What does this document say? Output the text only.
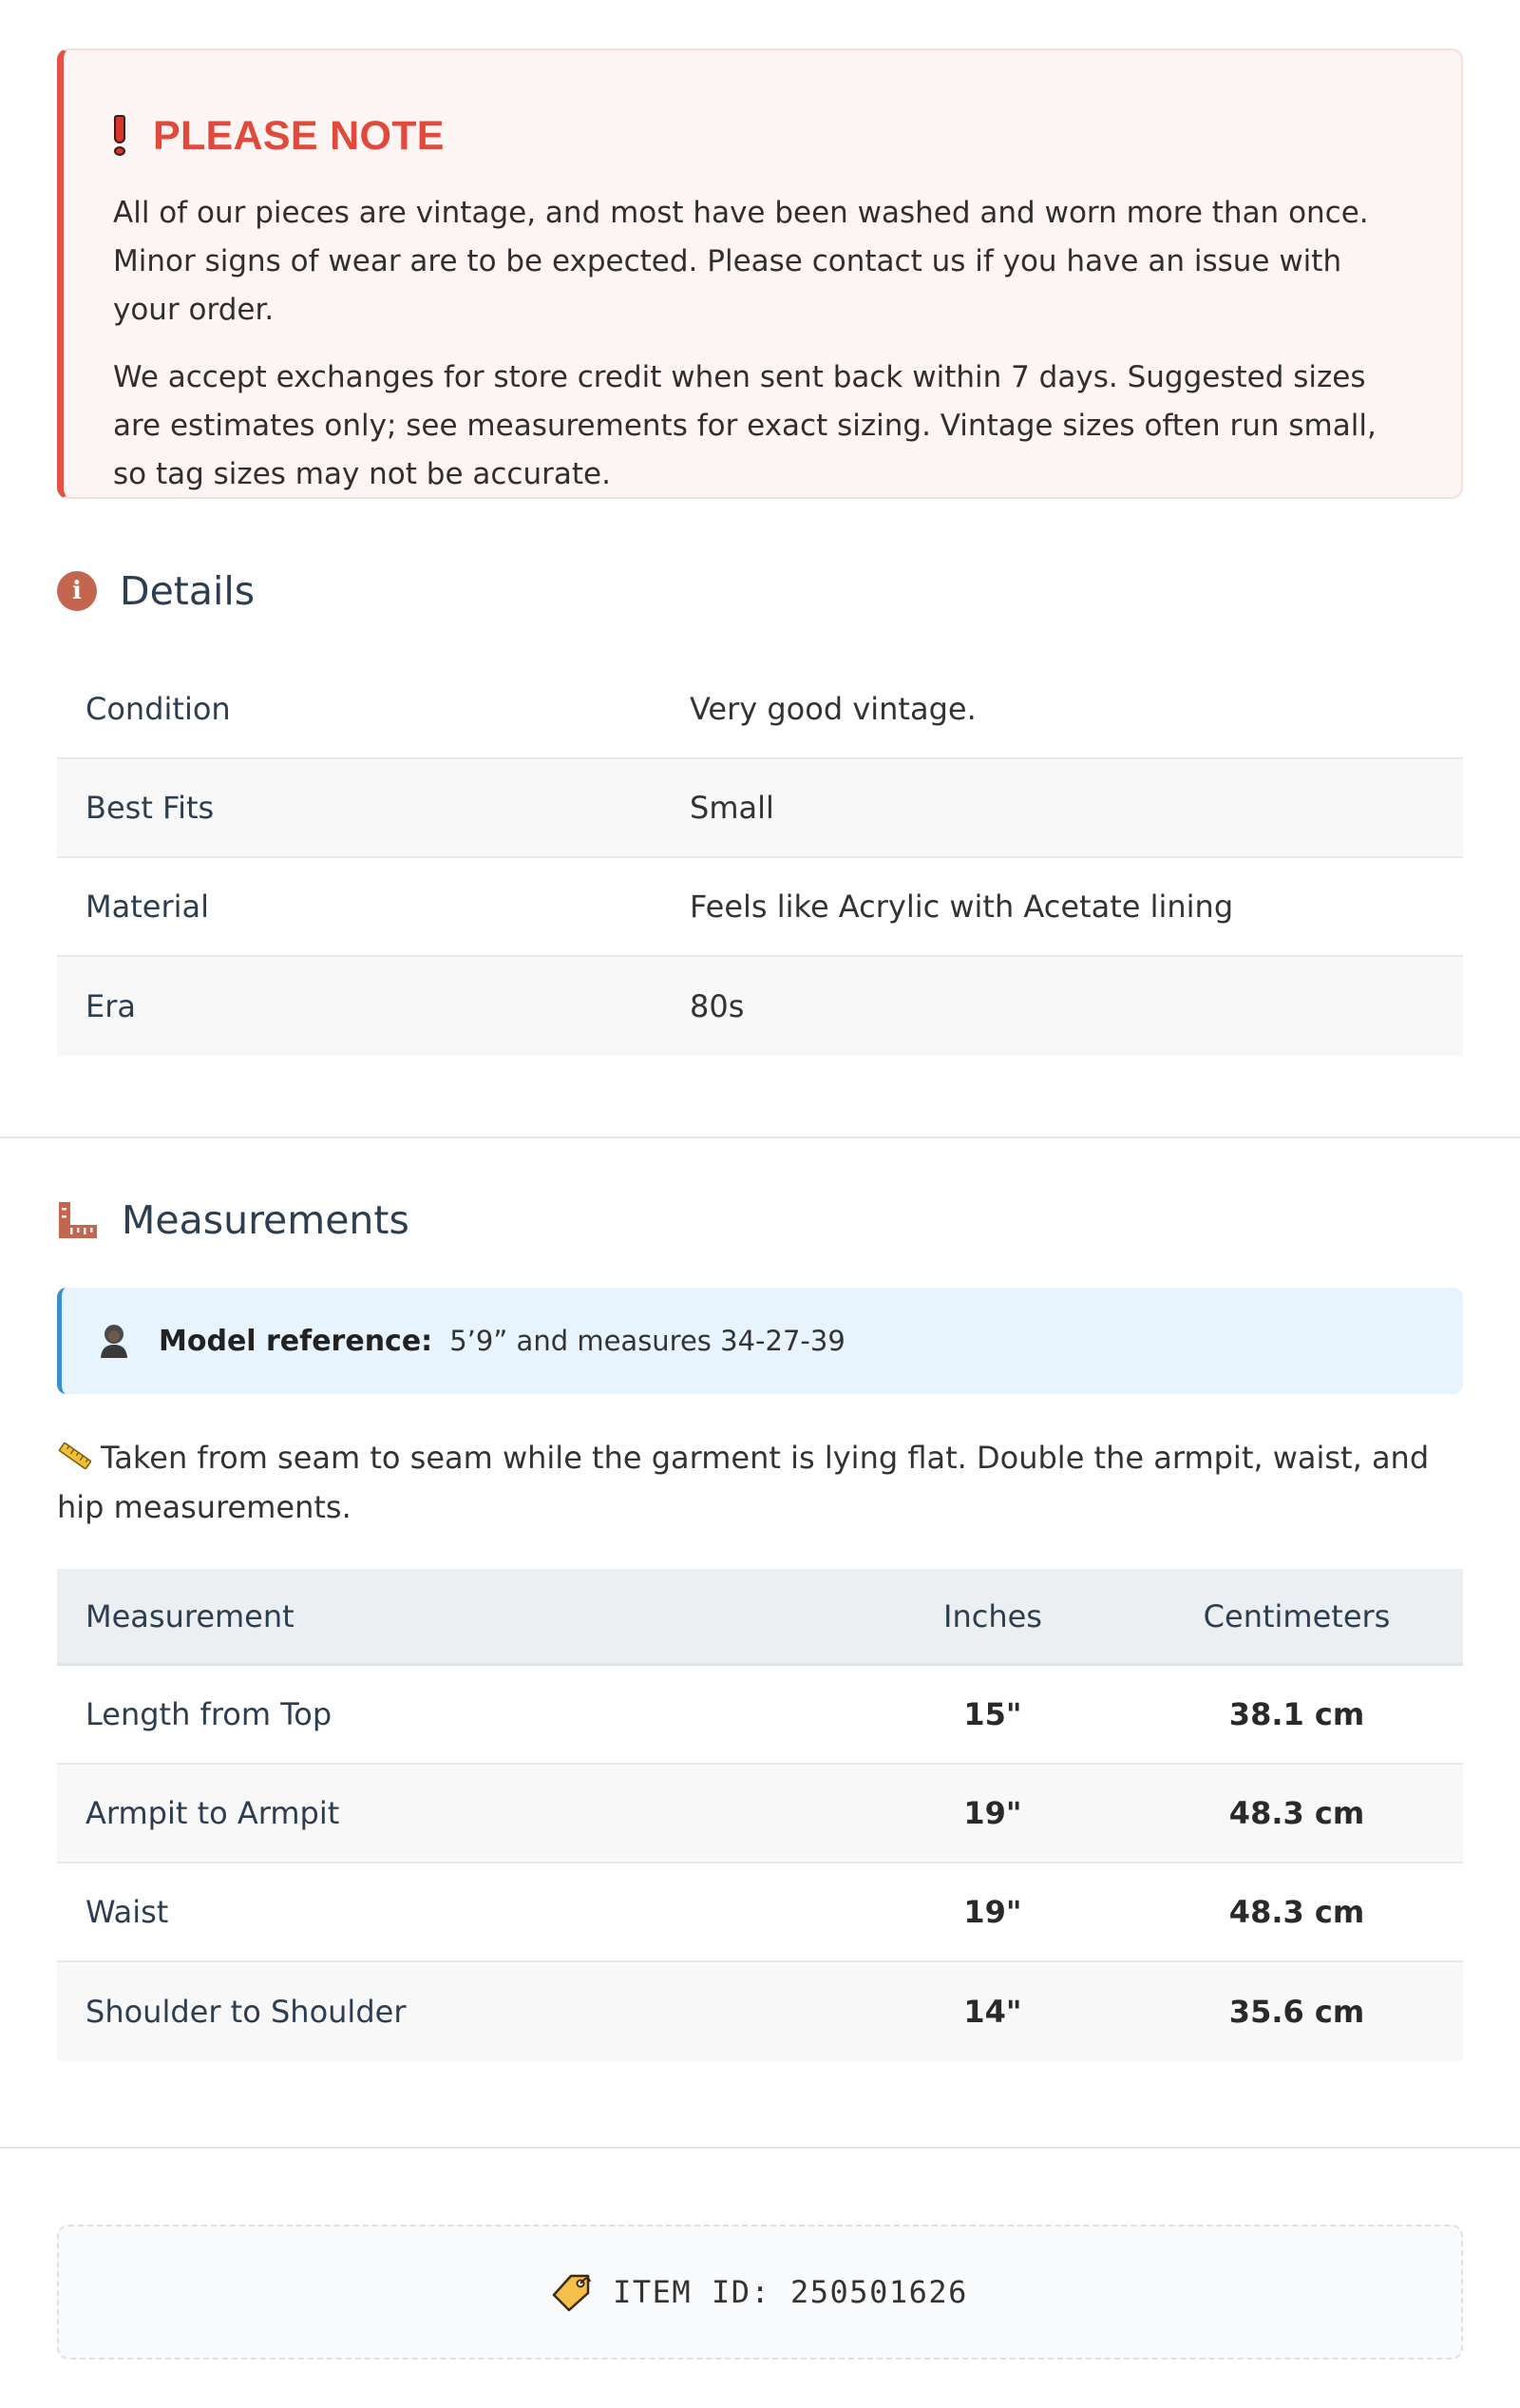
PLEASE NOTE

All of our pieces are vintage, and most have been washed and worn more than once. Minor signs of wear are to be expected. Please contact us if you have an issue with your order.

We accept exchanges for store credit when sent back within 7 days. Suggested sizes are estimates only; see measurements for exact sizing. Vintage sizes often run small, so tag sizes may not be accurate.

i Details
Condition	Very good vintage.
Best Fits	Small
Material	Feels like Acrylic with Acetate lining
Era	80s
Measurements
Model reference: 5’9” and measures 34-27-39
Taken from seam to seam while the garment is lying flat. Double the armpit, waist, and hip measurements.
Measurement	Inches	Centimeters
Length from Top	15"	38.1 cm
Armpit to Armpit	19"	48.3 cm
Waist	19"	48.3 cm
Shoulder to Shoulder	14"	35.6 cm
ITEM ID: 250501626
